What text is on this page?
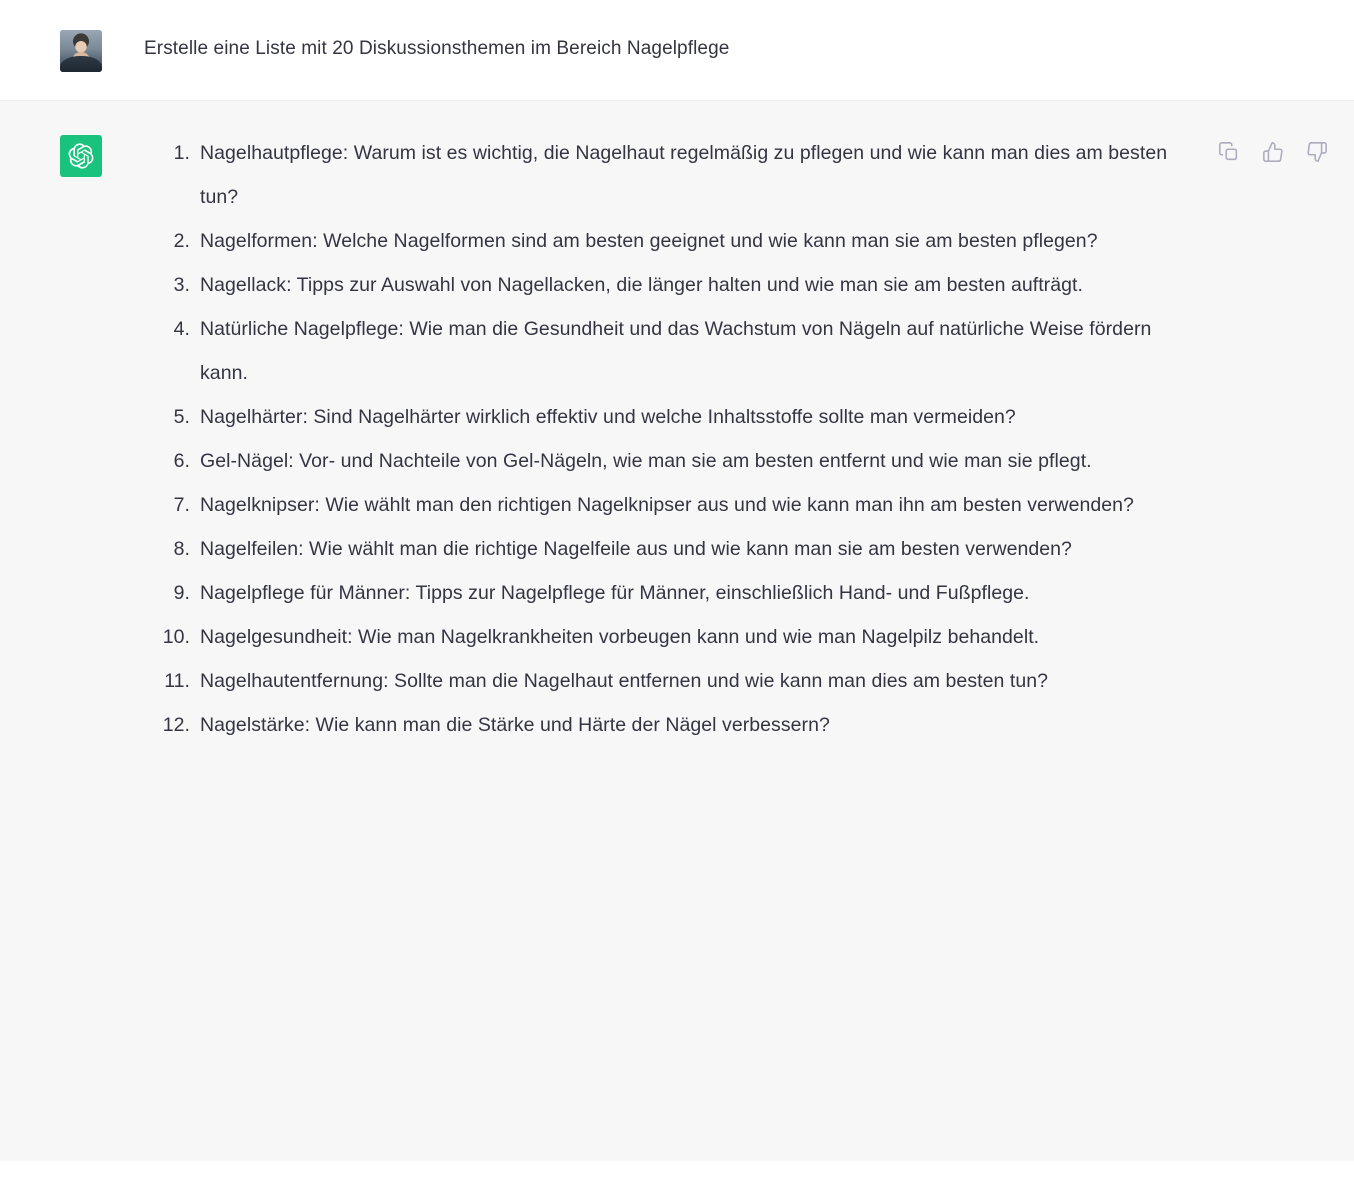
Erstelle eine Liste mit 20 Diskussionsthemen im Bereich Nagelpflege
Nagelhautpflege: Warum ist es wichtig, die Nagelhaut regelmäßig zu pflegen und wie kann man dies am besten tun?
Nagelformen: Welche Nagelformen sind am besten geeignet und wie kann man sie am besten pflegen?
Nagellack: Tipps zur Auswahl von Nagellacken, die länger halten und wie man sie am besten aufträgt.
Natürliche Nagelpflege: Wie man die Gesundheit und das Wachstum von Nägeln auf natürliche Weise fördern kann.
Nagelhärter: Sind Nagelhärter wirklich effektiv und welche Inhaltsstoffe sollte man vermeiden?
Gel-Nägel: Vor- und Nachteile von Gel-Nägeln, wie man sie am besten entfernt und wie man sie pflegt.
Nagelknipser: Wie wählt man den richtigen Nagelknipser aus und wie kann man ihn am besten verwenden?
Nagelfeilen: Wie wählt man die richtige Nagelfeile aus und wie kann man sie am besten verwenden?
Nagelpflege für Männer: Tipps zur Nagelpflege für Männer, einschließlich Hand- und Fußpflege.
Nagelgesundheit: Wie man Nagelkrankheiten vorbeugen kann und wie man Nagelpilz behandelt.
Nagelhautentfernung: Sollte man die Nagelhaut entfernen und wie kann man dies am besten tun?
Nagelstärke: Wie kann man die Stärke und Härte der Nägel verbessern?
